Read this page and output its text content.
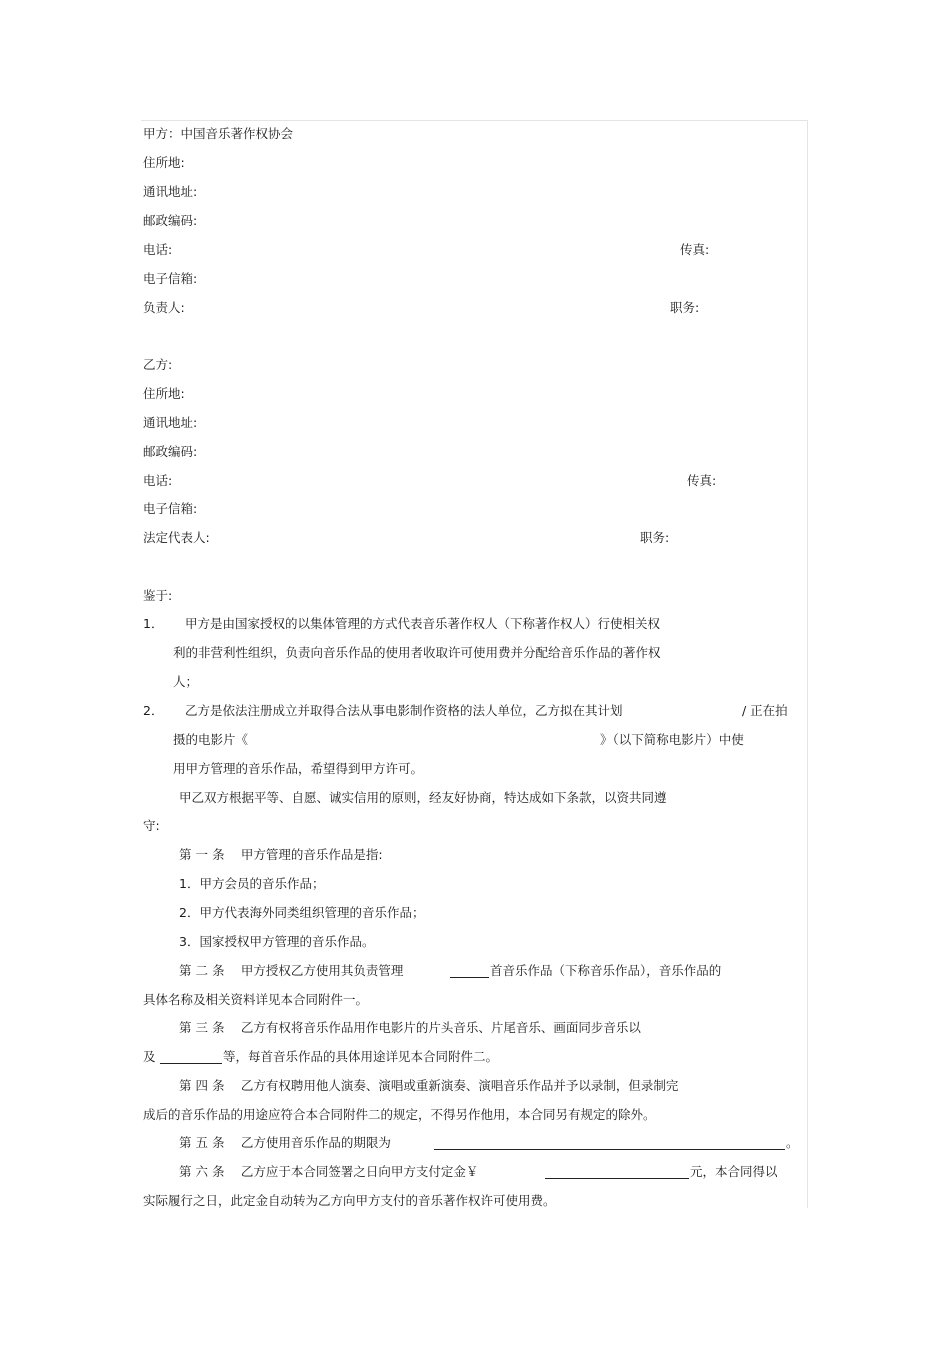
甲方：中国音乐著作权协会
住所地:
通讯地址:
邮政编码:
电话:	传真:
电子信箱:
负责人:	职务:
乙方:
住所地:
通讯地址:
邮政编码:
电话:	传真:
电子信箱:
法定代表人:	职务:
鉴于:
1． 甲方是由国家授权的以集体管理的方式代表音乐著作权人（下称著作权人）行使相关权
利的非营利性组织，负责向音乐作品的使用者收取许可使用费并分配给音乐作品的著作权
人；
2． 乙方是依法注册成立并取得合法从事电影制作资格的法人单位，乙方拟在其计划	/ 正在拍
摄的电影片《	》（以下简称电影片）中使
用甲方管理的音乐作品，希望得到甲方许可。
甲乙双方根据平等、自愿、诚实信用的原则，经友好协商，特达成如下条款，以资共同遵
守:
第 一 条　 甲方管理的音乐作品是指:
1．甲方会员的音乐作品；
2．甲方代表海外同类组织管理的音乐作品；
3．国家授权甲方管理的音乐作品。
第 二 条　 甲方授权乙方使用其负责管理	首音乐作品（下称音乐作品），音乐作品的
具体名称及相关资料详见本合同附件一。
第 三 条　 乙方有权将音乐作品用作电影片的片头音乐、片尾音乐、画面同步音乐以
及	等，每首音乐作品的具体用途详见本合同附件二。
第 四 条　 乙方有权聘用他人演奏、演唱或重新演奏、演唱音乐作品并予以录制，但录制完
成后的音乐作品的用途应符合本合同附件二的规定，不得另作他用，本合同另有规定的除外。
第 五 条　 乙方使用音乐作品的期限为	。
第 六 条　 乙方应于本合同签署之日向甲方支付定金￥	元，本合同得以
实际履行之日，此定金自动转为乙方向甲方支付的音乐著作权许可使用费。
